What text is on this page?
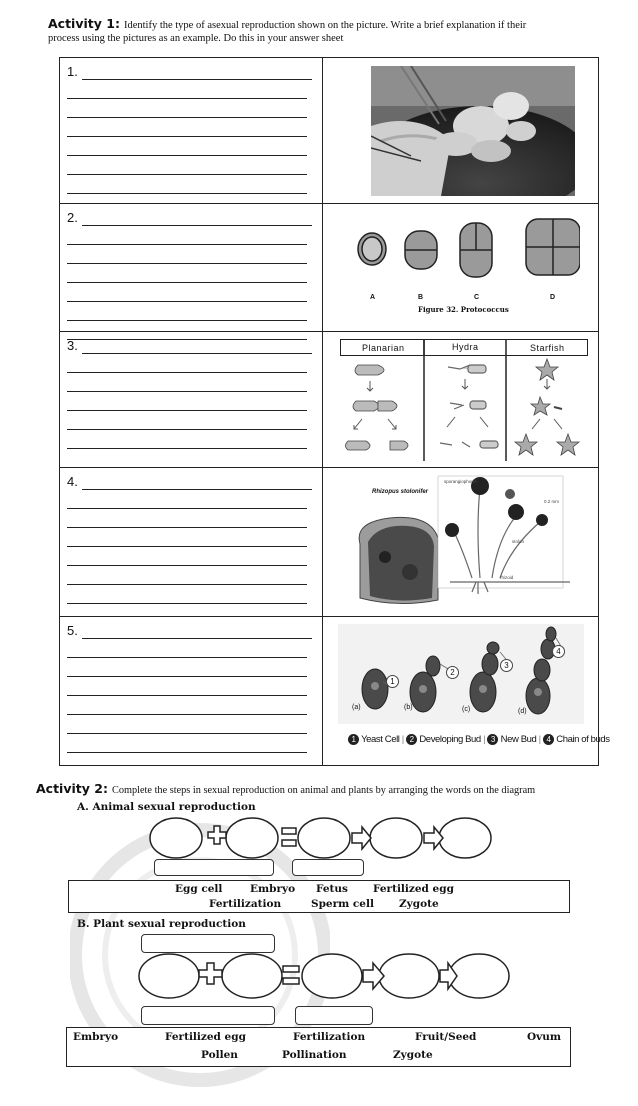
Activity 1: Identify the type of asexual reproduction shown on the picture. Write a brief explanation if their
process using the pictures as an example. Do this in your answer sheet
1.
2.
3.
4.
5.
A	B	C	D
Figure 32. Protococcus
Planarian	Hydra	Starfish
Rhizopus stolonifer
sporangiophores
0.2 mm
stolon
rhizoid
1
2
3
4
(a)	(b)	(c)	(d)
1 Yeast Cell | 2 Developing Bud | 3 New Bud | 4 Chain of buds
Activity 2: Complete the steps in sexual reproduction on animal and plants by arranging the words on the diagram
A. Animal sexual reproduction
Egg cell	Embryo Fetus Fertilized egg
Fertilization	Sperm cell Zygote
B. Plant sexual reproduction
Embryo	Fertilized egg	Fertilization	Fruit/Seed	Ovum
Pollen	Pollination	Zygote
